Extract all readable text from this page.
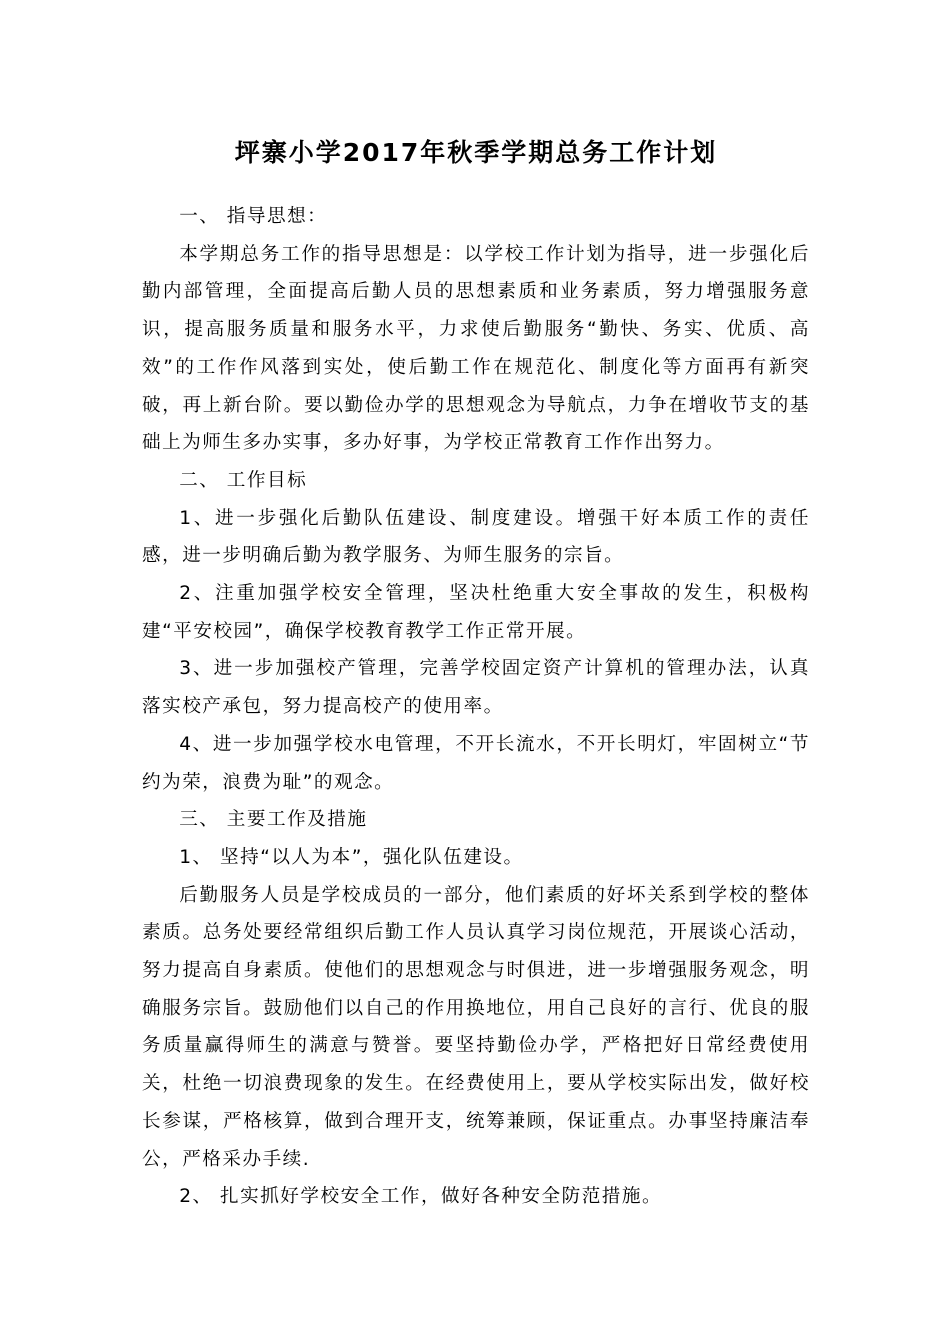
坪寨小学2017年秋季学期总务工作计划
一、 指导思想：

本学期总务工作的指导思想是：以学校工作计划为指导，进一步强化后勤内部管理，全面提高后勤人员的思想素质和业务素质，努力增强服务意识，提高服务质量和服务水平，力求使后勤服务“勤快、务实、优质、高效”的工作作风落到实处，使后勤工作在规范化、制度化等方面再有新突破，再上新台阶。要以勤俭办学的思想观念为导航点，力争在增收节支的基础上为师生多办实事，多办好事，为学校正常教育工作作出努力。

二、 工作目标

1、进一步强化后勤队伍建设、制度建设。增强干好本质工作的责任感，进一步明确后勤为教学服务、为师生服务的宗旨。

2、注重加强学校安全管理，坚决杜绝重大安全事故的发生，积极构建“平安校园”，确保学校教育教学工作正常开展。

3、进一步加强校产管理，完善学校固定资产计算机的管理办法，认真落实校产承包，努力提高校产的使用率。

4、进一步加强学校水电管理，不开长流水，不开长明灯，牢固树立“节约为荣，浪费为耻”的观念。

三、 主要工作及措施

1、 坚持“以人为本”，强化队伍建设。

后勤服务人员是学校成员的一部分，他们素质的好坏关系到学校的整体素质。总务处要经常组织后勤工作人员认真学习岗位规范，开展谈心活动，努力提高自身素质。使他们的思想观念与时俱进，进一步增强服务观念，明确服务宗旨。鼓励他们以自己的作用换地位，用自己良好的言行、优良的服务质量赢得师生的满意与赞誉。要坚持勤俭办学，严格把好日常经费使用关，杜绝一切浪费现象的发生。在经费使用上，要从学校实际出发，做好校长参谋，严格核算，做到合理开支，统筹兼顾，保证重点。办事坚持廉洁奉公，严格采办手续.

2、 扎实抓好学校安全工作，做好各种安全防范措施。
